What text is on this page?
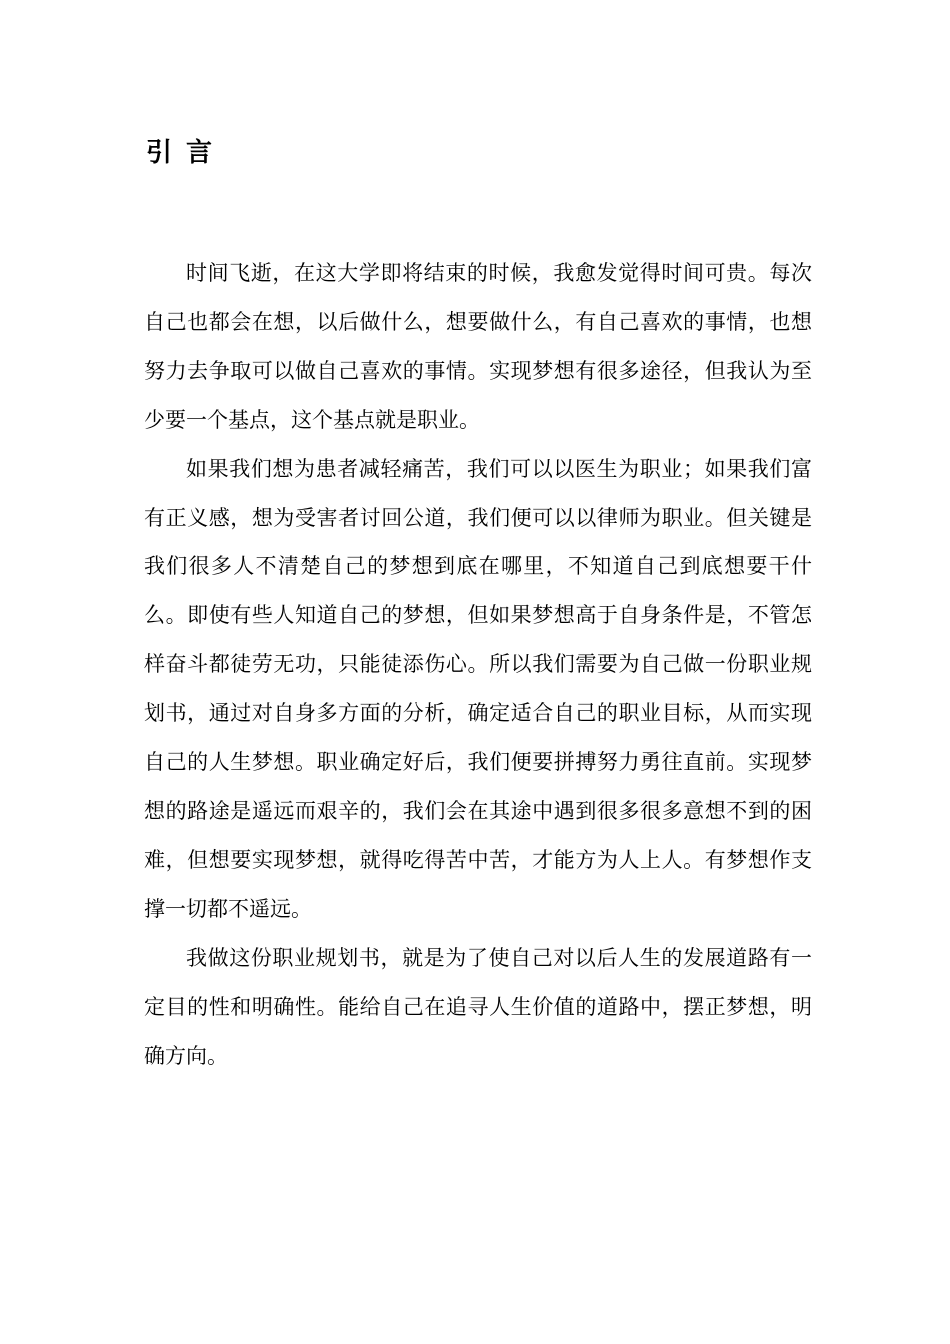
引言

时间飞逝，在这大学即将结束的时候，我愈发觉得时间可贵。每次自己也都会在想，以后做什么，想要做什么，有自己喜欢的事情，也想努力去争取可以做自己喜欢的事情。实现梦想有很多途径，但我认为至少要一个基点，这个基点就是职业。

如果我们想为患者减轻痛苦，我们可以以医生为职业；如果我们富有正义感，想为受害者讨回公道，我们便可以以律师为职业。但关键是我们很多人不清楚自己的梦想到底在哪里，不知道自己到底想要干什么。即使有些人知道自己的梦想，但如果梦想高于自身条件是，不管怎样奋斗都徒劳无功，只能徒添伤心。所以我们需要为自己做一份职业规划书，通过对自身多方面的分析，确定适合自己的职业目标，从而实现自己的人生梦想。职业确定好后，我们便要拼搏努力勇往直前。实现梦想的路途是遥远而艰辛的，我们会在其途中遇到很多很多意想不到的困难，但想要实现梦想，就得吃得苦中苦，才能方为人上人。有梦想作支撑一切都不遥远。

我做这份职业规划书，就是为了使自己对以后人生的发展道路有一定目的性和明确性。能给自己在追寻人生价值的道路中，摆正梦想，明确方向。
